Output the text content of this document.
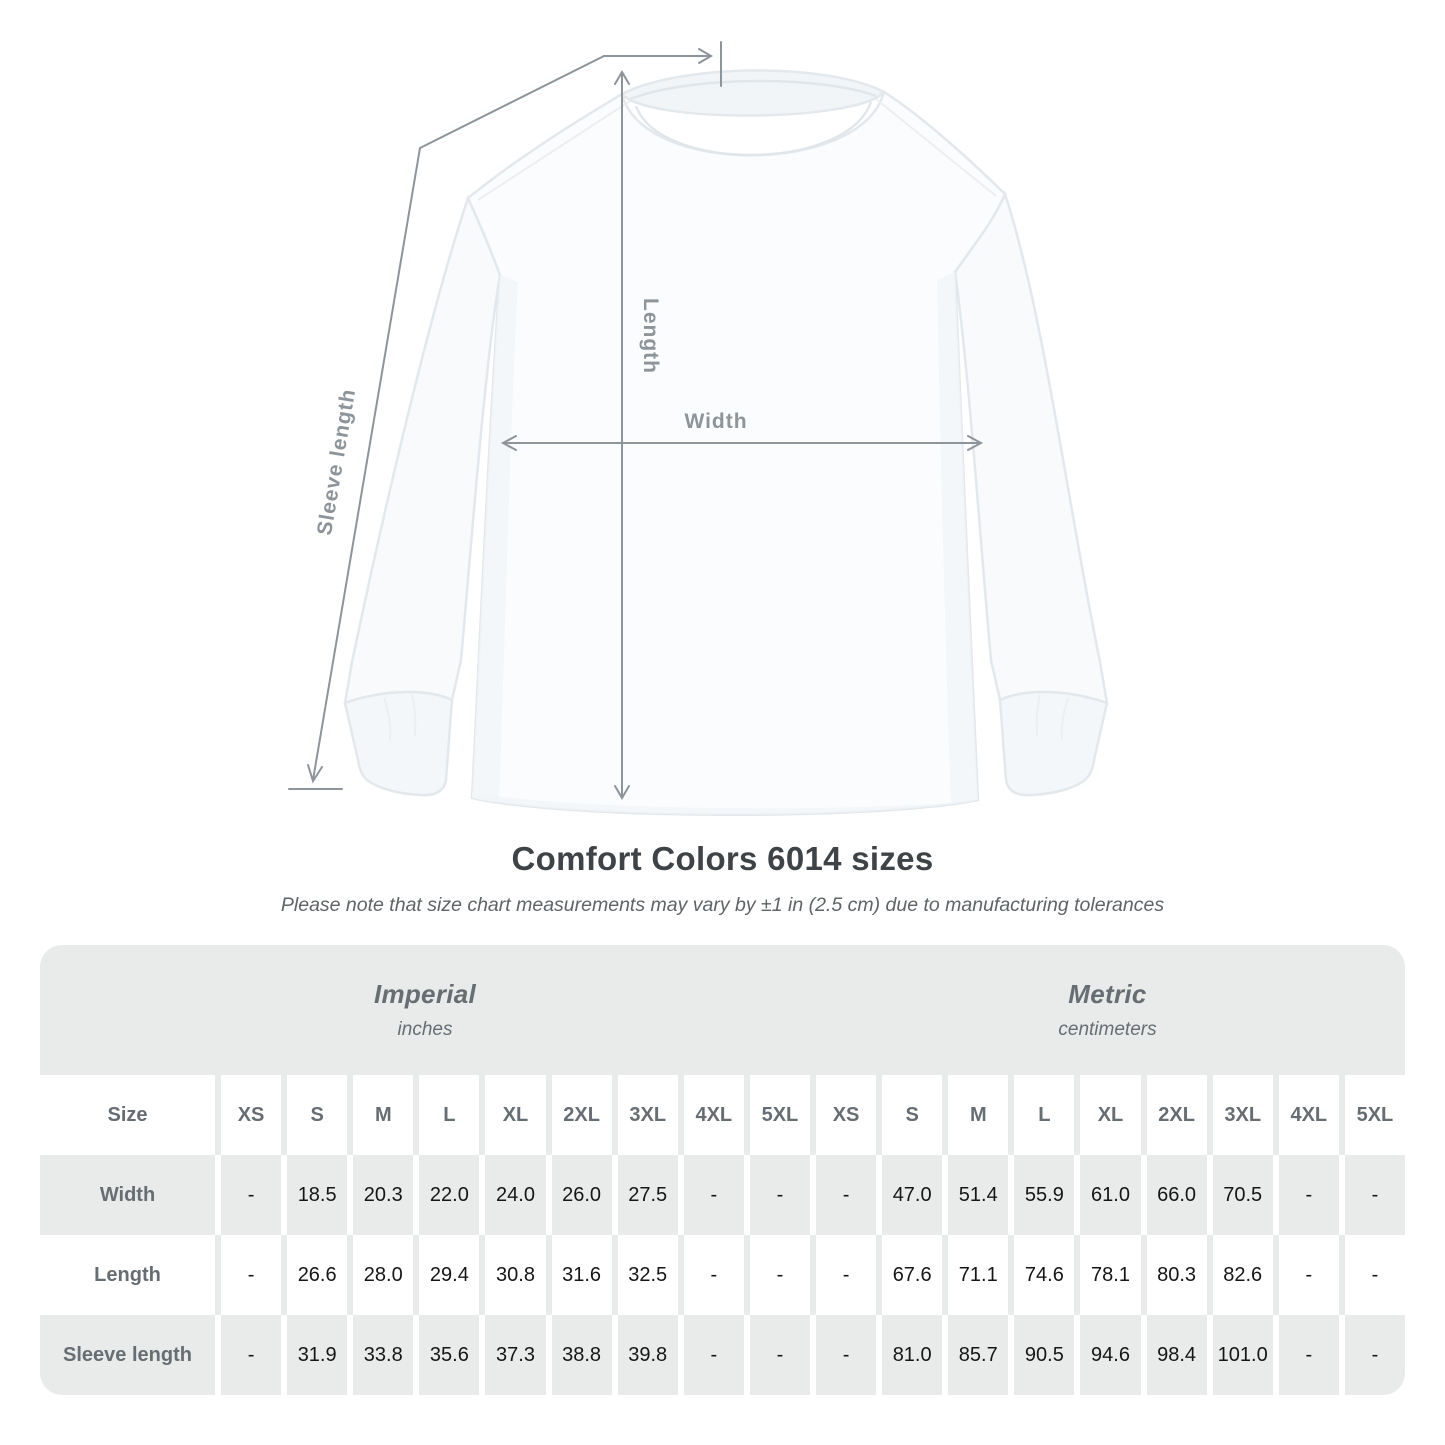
Width
Length
Sleeve length
Comfort Colors 6014 sizes
Please note that size chart measurements may vary by ±1 in (2.5 cm) due to manufacturing tolerances
Imperial
inches
Metric
centimeters
Size	XS	S	M	L	XL	2XL	3XL	4XL	5XL	XS	S	M	L	XL	2XL	3XL	4XL	5XL
Width	-	18.5	20.3	22.0	24.0	26.0	27.5	-	-	-	47.0	51.4	55.9	61.0	66.0	70.5	-	-
Length	-	26.6	28.0	29.4	30.8	31.6	32.5	-	-	-	67.6	71.1	74.6	78.1	80.3	82.6	-	-
Sleeve length	-	31.9	33.8	35.6	37.3	38.8	39.8	-	-	-	81.0	85.7	90.5	94.6	98.4	101.0	-	-
